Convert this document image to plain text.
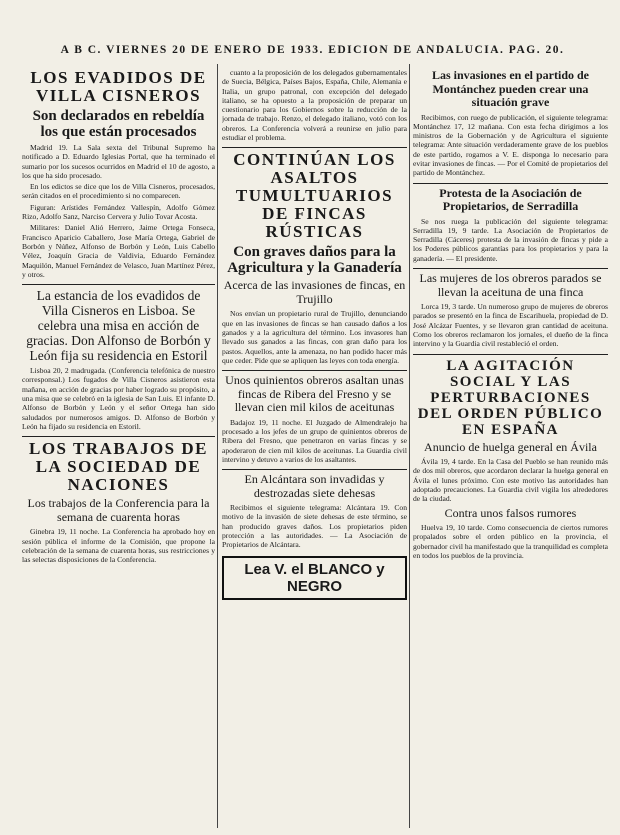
A B C. VIERNES 20 DE ENERO DE 1933. EDICION DE ANDALUCIA. PAG. 20.
LOS EVADIDOS DE VILLA CISNEROS
Son declarados en rebeldía los que están procesados

Madrid 19. La Sala sexta del Tribunal Supremo ha notificado a D. Eduardo Iglesias Portal, que ha terminado el sumario por los sucesos ocurridos en Madrid el 10 de agosto, a los que ha sido procesado.

En los edictos se dice que los de Villa Cisneros, procesados, serán citados en el procedimiento si no comparecen.

Figuran: Arístides Fernández Vallespín, Adolfo Gómez Rizo, Adolfo Sanz, Narciso Cervera y Julio Tovar Acosta.

Militares: Daniel Alió Herrero, Jaime Ortega Fonseca, Francisco Aparicio Caballero, Jose María Ortega, Gabriel de Borbón y Núñez, Alfonso de Borbón y León, Luis Cabello Vélez, Joaquín Gracia de Valdivia, Eduardo Fernández Maquilón, Manuel Fernández de Velasco, Juan Martínez Pérez, y otros.

La estancia de los evadidos de Villa Cisneros en Lisboa. Se celebra una misa en acción de gracias. Don Alfonso de Borbón y León fija su residencia en Estoril

Lisboa 20, 2 madrugada. (Conferencia telefónica de nuestro corresponsal.) Los fugados de Villa Cisneros asistieron esta mañana, en acción de gracias por haber logrado su propósito, a una misa que se celebró en la iglesia de San Luis. El infante D. Alfonso de Borbón y León y el señor Ortega han sido saludados por numerosos amigos. D. Alfonso de Borbón y León ha fijado su residencia en Estoril.

LOS TRABAJOS DE LA SOCIEDAD DE NACIONES
Los trabajos de la Conferencia para la semana de cuarenta horas

Ginebra 19, 11 noche. La Conferencia ha aprobado hoy en sesión pública el informe de la Comisión, que propone la celebración de la semana de cuarenta horas, sus restricciones y las selectas disposiciones de la Conferencia.

cuanto a la proposición de los delegados gubernamentales de Suecia, Bélgica, Países Bajos, España, Chile, Alemania e Italia, un grupo patronal, con excepción del delegado italiano, se ha opuesto a la proposición de preparar un cuestionario para los Gobiernos sobre la reducción de la jornada de trabajo. Renzo, el delegado italiano, votó con los obreros. La Conferencia volverá a reunirse en julio para estudiar el problema.

CONTINÚAN LOS ASALTOS TUMULTUARIOS DE FINCAS RÚSTICAS
Con graves daños para la Agricultura y la Ganadería
Acerca de las invasiones de fincas, en Trujillo

Nos envían un propietario rural de Trujillo, denunciando que en las invasiones de fincas se han causado daños a los ganados y a la agricultura del término. Los invasores han llevado sus ganados a las fincas, con gran daño para los pastos. Aquellos, ante la amenaza, no han podido hacer más que ceder. Pide que se apliquen las leyes con toda energía.

Unos quinientos obreros asaltan unas fincas de Ribera del Fresno y se llevan cien mil kilos de aceitunas

Badajoz 19, 11 noche. El Juzgado de Almendralejo ha procesado a los jefes de un grupo de quinientos obreros de Ribera del Fresno, que penetraron en varias fincas y se apoderaron de cien mil kilos de aceitunas. La Guardia civil intervino y detuvo a varios de los asaltantes.

En Alcántara son invadidas y destrozadas siete dehesas

Recibimos el siguiente telegrama: Alcántara 19. Con motivo de la invasión de siete dehesas de este término, se han producido graves daños. Los propietarios piden protección a las autoridades. — La Asociación de Propietarios de Alcántara.

Lea V. el BLANCO y NEGRO
Las invasiones en el partido de Montánchez pueden crear una situación grave

Recibimos, con ruego de publicación, el siguiente telegrama: Montánchez 17, 12 mañana. Con esta fecha dirigimos a los ministros de la Gobernación y de Agricultura el siguiente telegrama: Ante situación verdaderamente grave de los pueblos de este partido, rogamos a V. E. disponga lo necesario para evitar invasiones de fincas. — Por el Comité de propietarios del partido de Montánchez.

Protesta de la Asociación de Propietarios, de Serradilla

Se nos ruega la publicación del siguiente telegrama: Serradilla 19, 9 tarde. La Asociación de Propietarios de Serradilla (Cáceres) protesta de la invasión de fincas y pide a los Poderes públicos garantías para los propietarios y para la ganadería. — El presidente.

Las mujeres de los obreros parados se llevan la aceituna de una finca

Lorca 19, 3 tarde. Un numeroso grupo de mujeres de obreros parados se presentó en la finca de Escarihuela, propiedad de D. José Alcázar Fuentes, y se llevaron gran cantidad de aceituna. Como los obreros reclamaron los jornales, el dueño de la finca intervino y la Guardia civil restableció el orden.

LA AGITACIÓN SOCIAL Y LAS PERTURBACIONES DEL ORDEN PÚBLICO EN ESPAÑA
Anuncio de huelga general en Ávila

Ávila 19, 4 tarde. En la Casa del Pueblo se han reunido más de dos mil obreros, que acordaron declarar la huelga general en Ávila el lunes próximo. Con este motivo las autoridades han adoptado precauciones. La Guardia civil vigila los alrededores de la ciudad.

Contra unos falsos rumores

Huelva 19, 10 tarde. Como consecuencia de ciertos rumores propalados sobre el orden público en la provincia, el gobernador civil ha manifestado que la tranquilidad es completa en todos los pueblos de la provincia.
